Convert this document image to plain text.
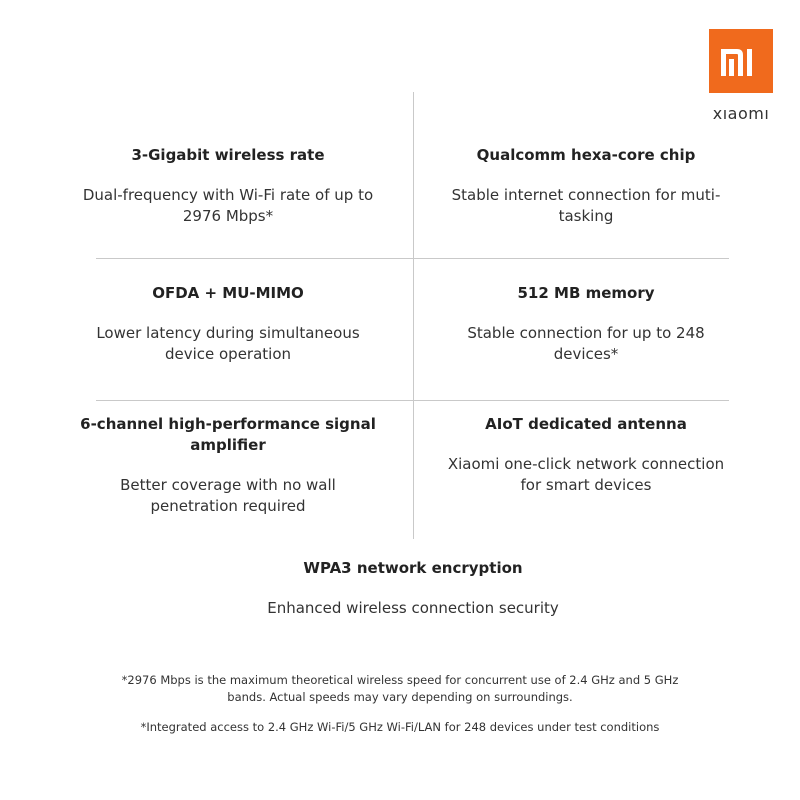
xıaomı
3-Gigabit wireless rate
Dual-frequency with Wi-Fi rate of up to 2976 Mbps*
Qualcomm hexa-core chip
Stable internet connection for muti-tasking
OFDA + MU-MIMO
Lower latency during simultaneous device operation
512 MB memory
Stable connection for up to 248 devices*
6-channel high-performance signal amplifier
Better coverage with no wall penetration required
AIoT dedicated antenna
Xiaomi one-click network connection for smart devices
WPA3 network encryption
Enhanced wireless connection security
*2976 Mbps is the maximum theoretical wireless speed for concurrent use of 2.4 GHz and 5 GHz bands. Actual speeds may vary depending on surroundings.
*Integrated access to 2.4 GHz Wi-Fi/5 GHz Wi-Fi/LAN for 248 devices under test conditions
